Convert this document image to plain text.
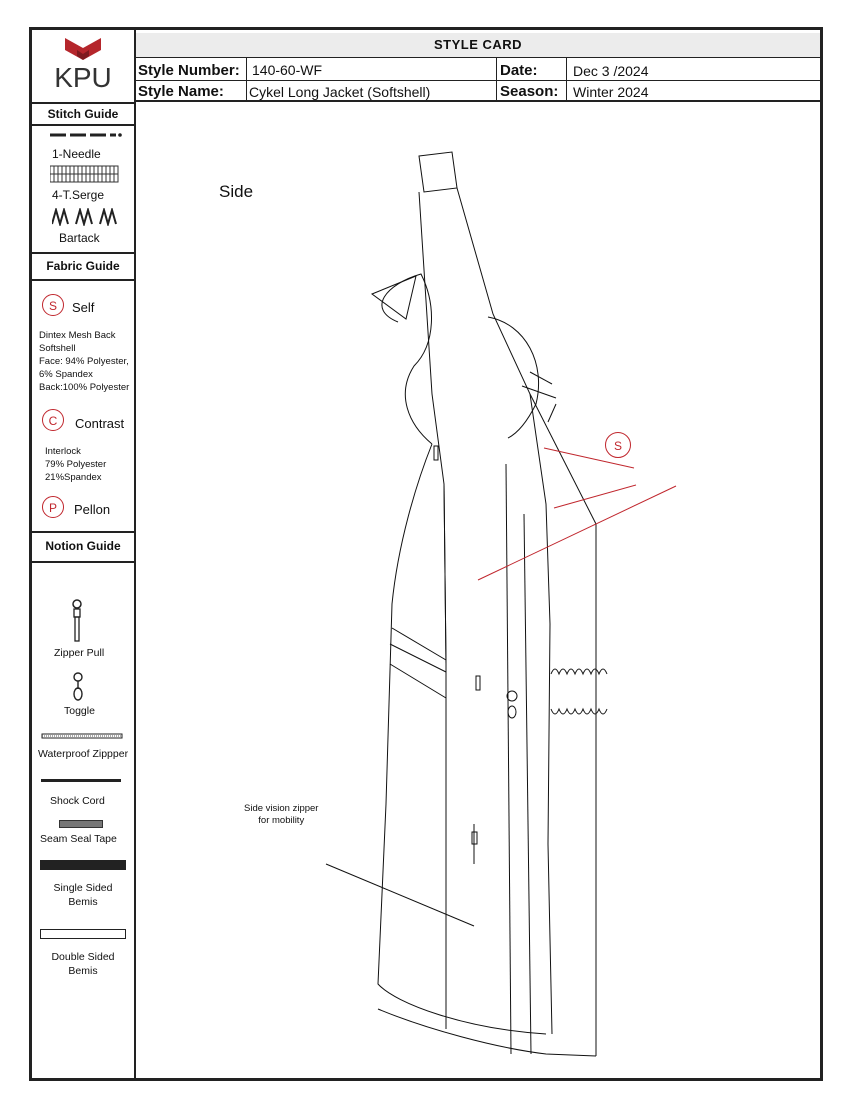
KPU
STYLE CARD
Style Number: 140-60-WF	Date:	Dec 3 /2024
Style Name: Cykel Long Jacket (Softshell)	Season: Winter 2024
Stitch Guide
1-Needle
4-T.Serge
Bartack
Fabric Guide
S	Self
Dintex Mesh Back
Softshell
Face: 94% Polyester,
6% Spandex
Back:100% Polyester
C	Contrast
Interlock
79% Polyester
21%Spandex
P	Pellon
Notion Guide
Zipper Pull
Toggle
Waterproof Zippper
Shock Cord
Seam Seal Tape
Single Sided
Bemis
Double Sided
Bemis
Side
S
Side vision zipper
for mobility
